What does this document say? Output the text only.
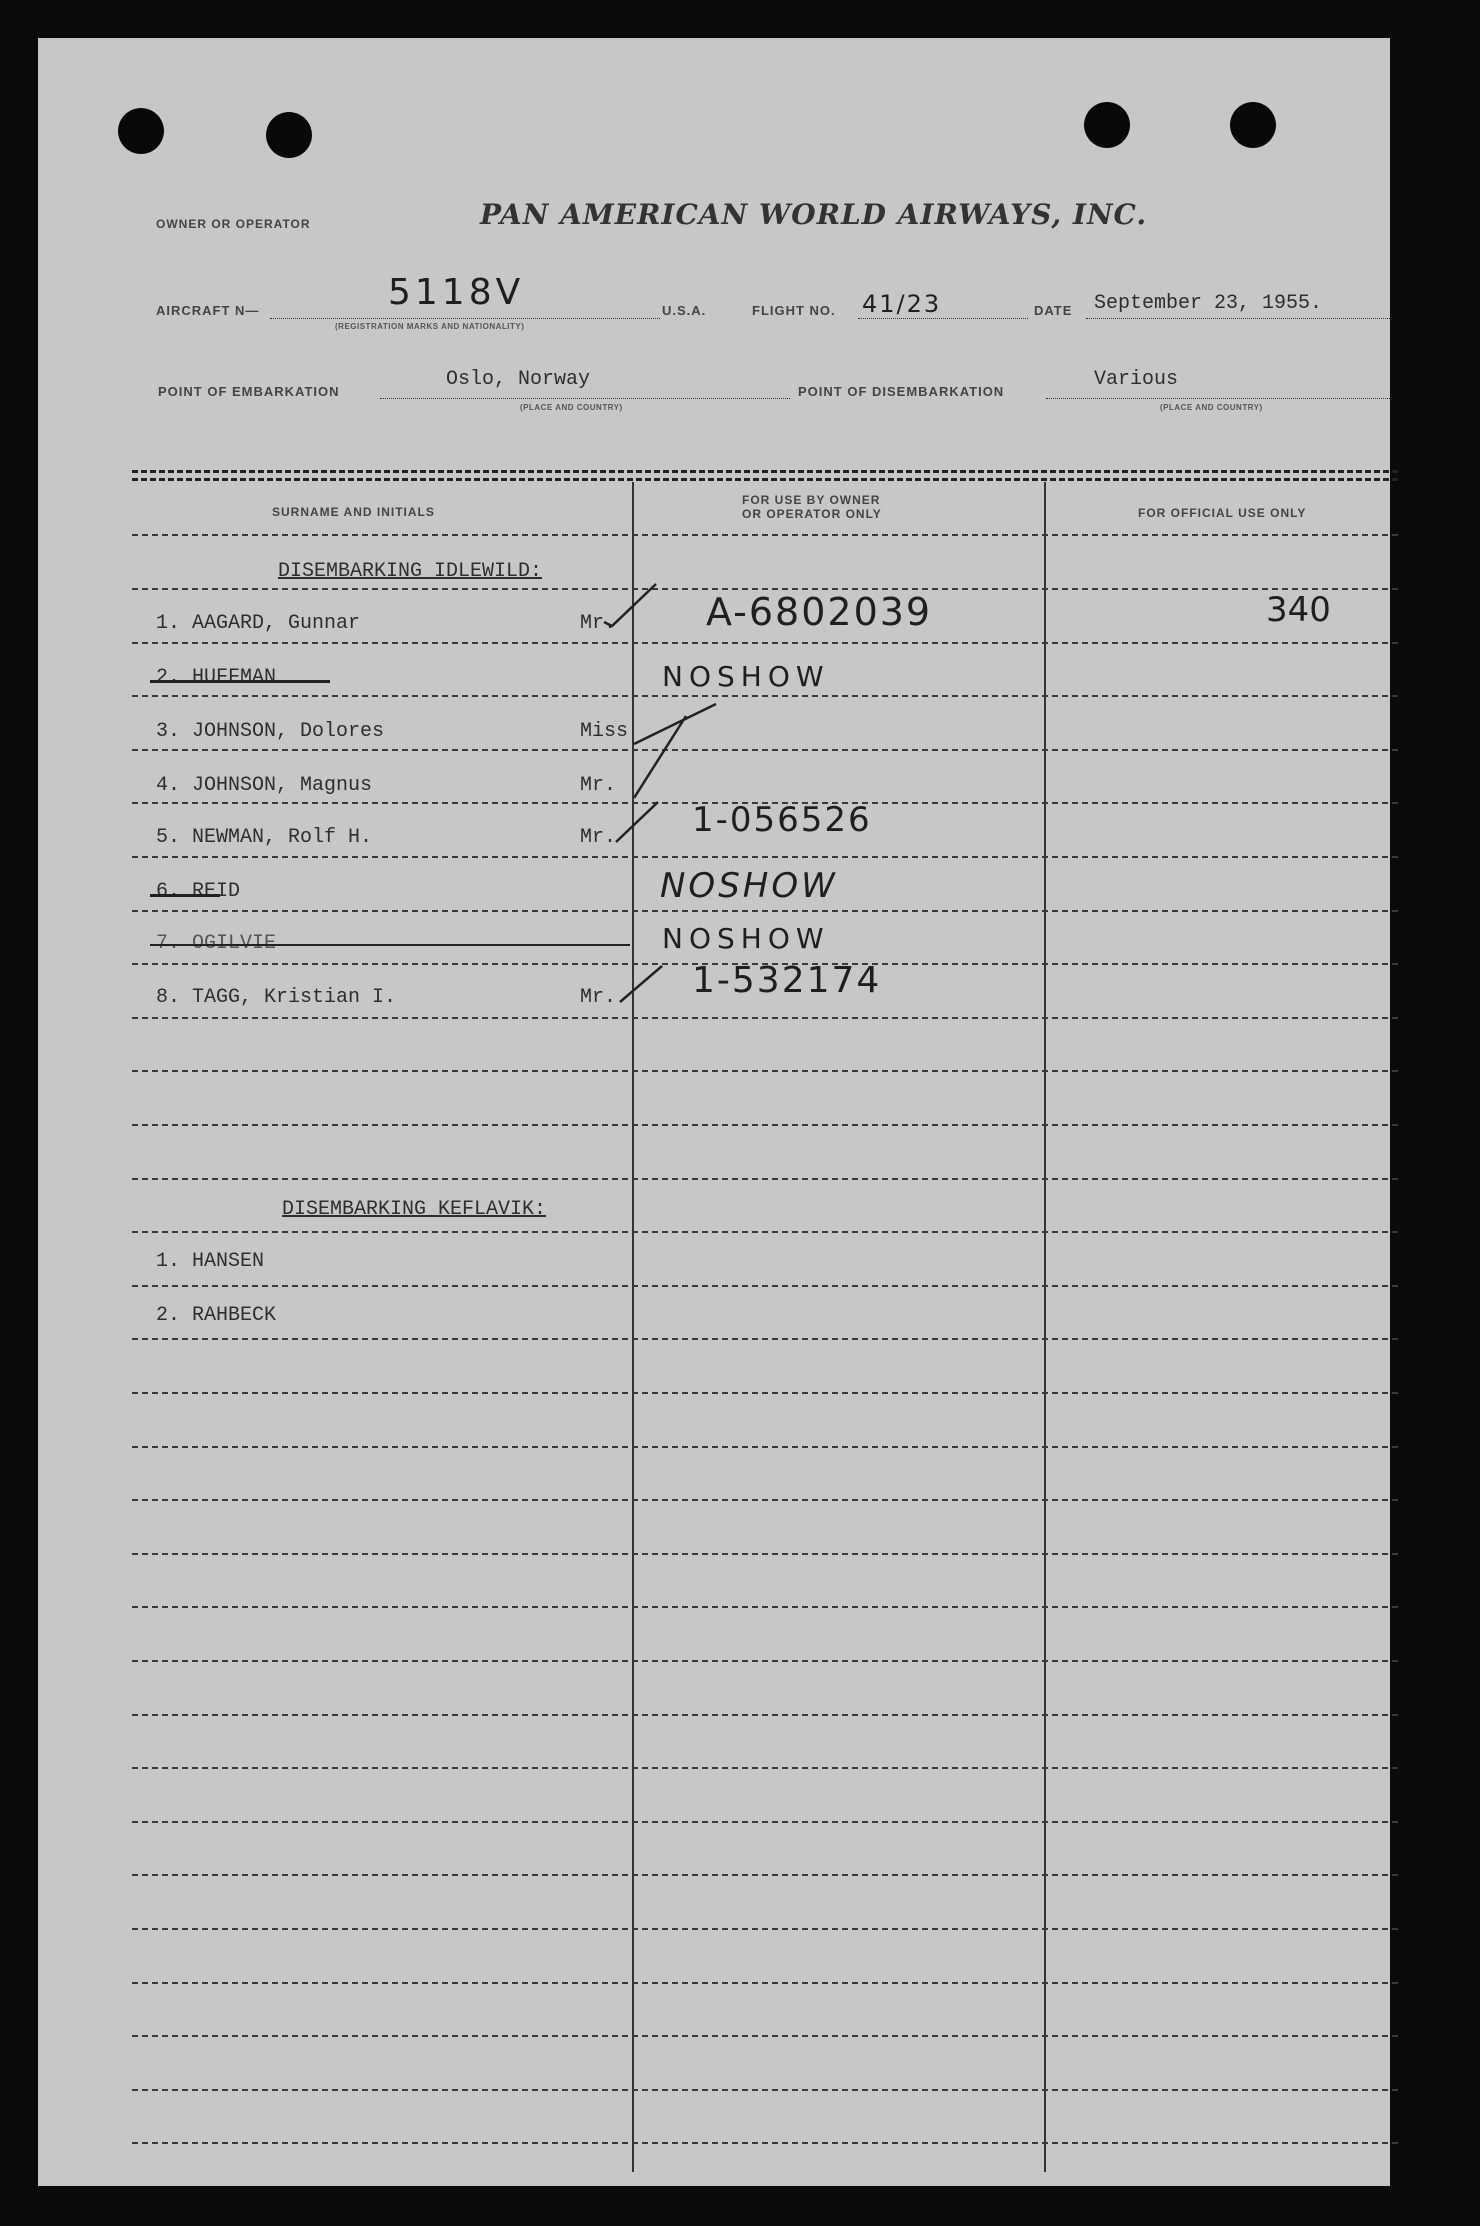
OWNER OR OPERATOR	PAN AMERICAN WORLD AIRWAYS, INC.
AIRCRAFT N—	5118V
(REGISTRATION MARKS AND NATIONALITY)
U.S.A.	FLIGHT NO. 41/23	DATE September 23, 1955.
POINT OF EMBARKATION
Oslo, Norway
(PLACE AND COUNTRY)
POINT OF DISEMBARKATION
Various
(PLACE AND COUNTRY)
SURNAME AND INITIALS
FOR USE BY OWNER
OR OPERATOR ONLY	FOR OFFICIAL USE ONLY
DISEMBARKING IDLEWILD:
1. AAGARD, Gunnar	Mr. A-6802039	340
2. HUFFMAN	NOSHOW
3. JOHNSON, Dolores	Miss
4. JOHNSON, Magnus	Mr.
5. NEWMAN, Rolf H.	Mr. 1-056526
6. REID	NOSHOW
7. OGILVIE	NOSHOW
8. TAGG, Kristian I.	Mr. 1-532174
DISEMBARKING KEFLAVIK:
1. HANSEN
2. RAHBECK
